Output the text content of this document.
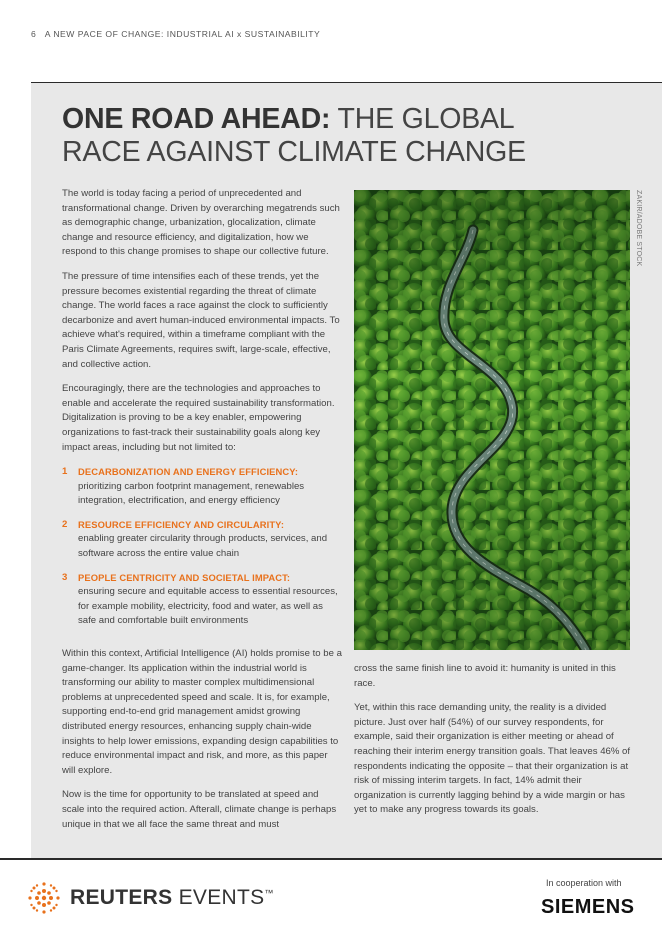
6 A NEW PACE OF CHANGE: INDUSTRIAL AI x SUSTAINABILITY
ONE ROAD AHEAD: THE GLOBAL
RACE AGAINST CLIMATE CHANGE

The world is today facing a period of unprecedented and transformational change. Driven by overarching megatrends such as demographic change, urbanization, glocalization, climate change and resource efficiency, and digitalization, how we respond to this change promises to shape our collective future.

The pressure of time intensifies each of these trends, yet the pressure becomes existential regarding the threat of climate change. The world faces a race against the clock to sufficiently decarbonize and avert human-induced environmental impacts. To achieve what's required, within a timeframe compliant with the Paris Climate Agreements, requires swift, large-scale, effective, and collective action.

Encouragingly, there are the technologies and approaches to enable and accelerate the required sustainability transformation. Digitalization is proving to be a key enabler, empowering organizations to fast-track their sustainability goals along key impact areas, including but not limited to:

1 DECARBONIZATION AND ENERGY EFFICIENCY:
prioritizing carbon footprint management, renewables integration, electrification, and energy efficiency
2 RESOURCE EFFICIENCY AND CIRCULARITY:
enabling greater circularity through products, services, and software across the entire value chain
3 PEOPLE CENTRICITY AND SOCIETAL IMPACT:
ensuring secure and equitable access to essential resources, for example mobility, electricity, food and water, as well as safe and comfortable built environments

Within this context, Artificial Intelligence (AI) holds promise to be a game-changer. Its application within the industrial world is transforming our ability to master complex multidimensional problems at unprecedented speed and scale. It is, for example, supporting end-to-end grid management amidst growing distributed energy resources, enhancing supply chain-wide insights to help lower emissions, expanding design capabilities to reduce environmental impact and risk, and more, as this paper will explore.

Now is the time for opportunity to be translated at speed and scale into the required action. Afterall, climate change is perhaps unique in that we all face the same threat and must

cross the same finish line to avoid it: humanity is united in this race.

Yet, within this race demanding unity, the reality is a divided picture. Just over half (54%) of our survey respondents, for example, said their organization is either meeting or ahead of reaching their interim energy transition goals. That leaves 46% of respondents indicating the opposite – that their organization is at risk of missing interim targets. In fact, 14% admit their organization is currently lagging behind by a wide margin or has yet to make any progress towards its goals.

ZAKIR/ADOBE STOCK
REUTERS EVENTS™
In cooperation with
SIEMENS
